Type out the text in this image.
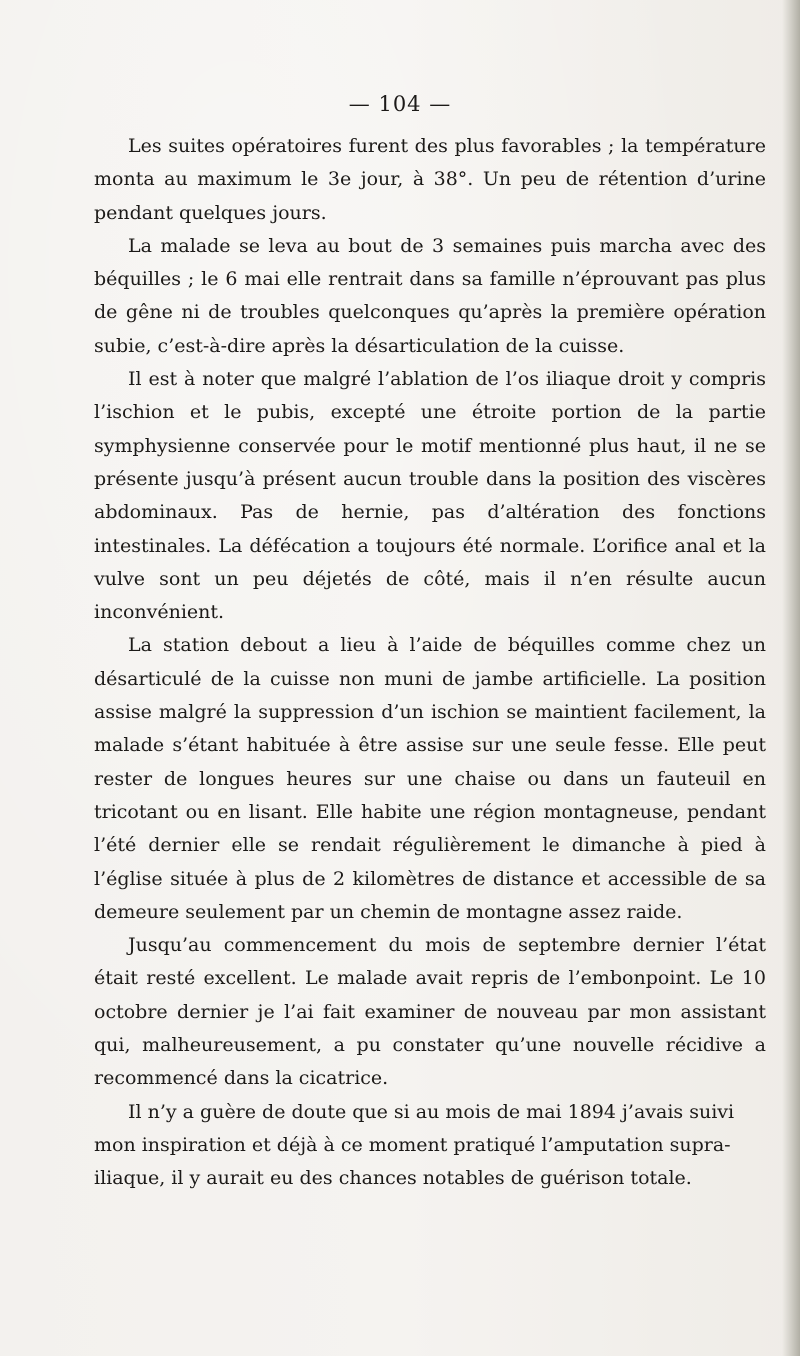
— 104 —

Les suites opératoires furent des plus favorables ; la température monta au maximum le 3e jour, à 38°. Un peu de rétention d’urine pendant quelques jours.

La malade se leva au bout de 3 semaines puis marcha avec des béquilles ; le 6 mai elle rentrait dans sa famille n’éprouvant pas plus de gêne ni de troubles quelconques qu’après la première opération subie, c’est-à-dire après la désarticulation de la cuisse.

Il est à noter que malgré l’ablation de l’os iliaque droit y compris l’ischion et le pubis, excepté une étroite portion de la partie symphysienne conservée pour le motif mentionné plus haut, il ne se présente jusqu’à présent aucun trouble dans la position des viscères abdominaux. Pas de hernie, pas d’altération des fonctions intestinales. La défécation a toujours été normale. L’orifice anal et la vulve sont un peu déjetés de côté, mais il n’en résulte aucun inconvénient.

La station debout a lieu à l’aide de béquilles comme chez un désarticulé de la cuisse non muni de jambe artificielle. La position assise malgré la suppression d’un ischion se maintient facilement, la malade s’étant habituée à être assise sur une seule fesse. Elle peut rester de longues heures sur une chaise ou dans un fauteuil en tricotant ou en lisant. Elle habite une région montagneuse, pendant l’été dernier elle se rendait régulièrement le dimanche à pied à l’église située à plus de 2 kilomètres de distance et accessible de sa demeure seulement par un chemin de montagne assez raide.

Jusqu’au commencement du mois de septembre dernier l’état était resté excellent. Le malade avait repris de l’embonpoint. Le 10 octobre dernier je l’ai fait examiner de nouveau par mon assistant qui, malheureusement, a pu constater qu’une nouvelle récidive a recommencé dans la cicatrice.

Il n’y a guère de doute que si au mois de mai 1894 j’avais suivi mon inspiration et déjà à ce moment pratiqué l’amputation supra-iliaque, il y aurait eu des chances notables de guérison totale.
